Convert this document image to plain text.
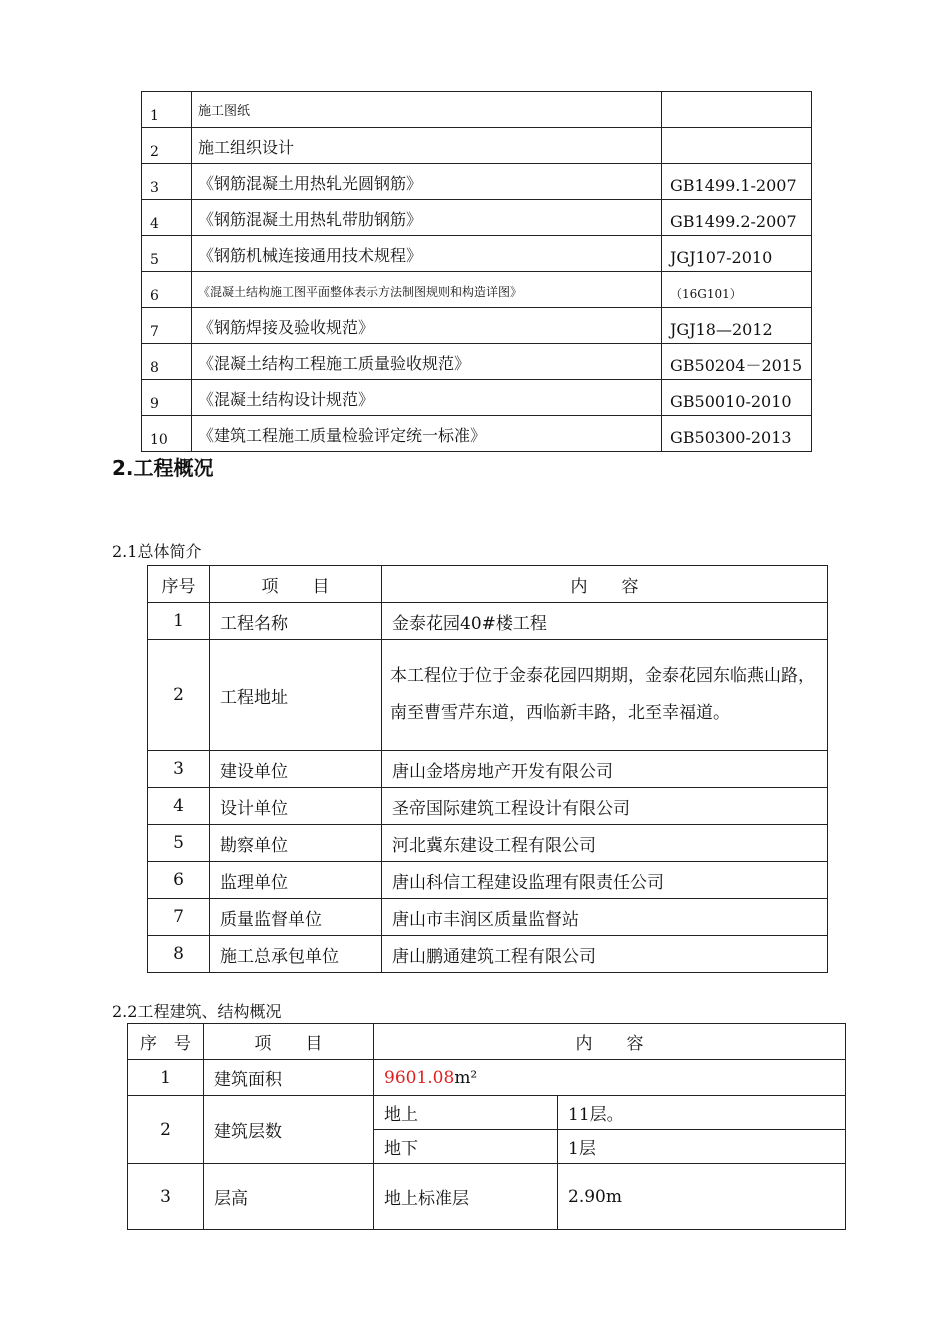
1	施工图纸	
2	施工组织设计	
3	《钢筋混凝土用热轧光圆钢筋》	GB1499.1-2007
4	《钢筋混凝土用热轧带肋钢筋》	GB1499.2-2007
5	《钢筋机械连接通用技术规程》	JGJ107-2010
6	《混凝土结构施工图平面整体表示方法制图规则和构造详图》	（16G101）
7	《钢筋焊接及验收规范》	JGJ18—2012
8	《混凝土结构工程施工质量验收规范》	GB50204－2015
9	《混凝土结构设计规范》	GB50010-2010
10	《建筑工程施工质量检验评定统一标准》	GB50300-2013
2.工程概况
2.1总体简介
序号	项　　目	内　　容
1	工程名称	金泰花园40#楼工程
2	工程地址	本工程位于位于金泰花园四期期，金泰花园东临燕山路，南至曹雪芹东道，西临新丰路，北至幸福道。
3	建设单位	唐山金塔房地产开发有限公司
4	设计单位	圣帝国际建筑工程设计有限公司
5	勘察单位	河北冀东建设工程有限公司
6	监理单位	唐山科信工程建设监理有限责任公司
7	质量监督单位	唐山市丰润区质量监督站
8	施工总承包单位	唐山鹏通建筑工程有限公司
2.2工程建筑、结构概况
序　号	项　　目	内　　容	
1	建筑面积	9601.08m²	
2	建筑层数	地上	11层。
		地下	1层
3	层高	地上标准层	2.90m
